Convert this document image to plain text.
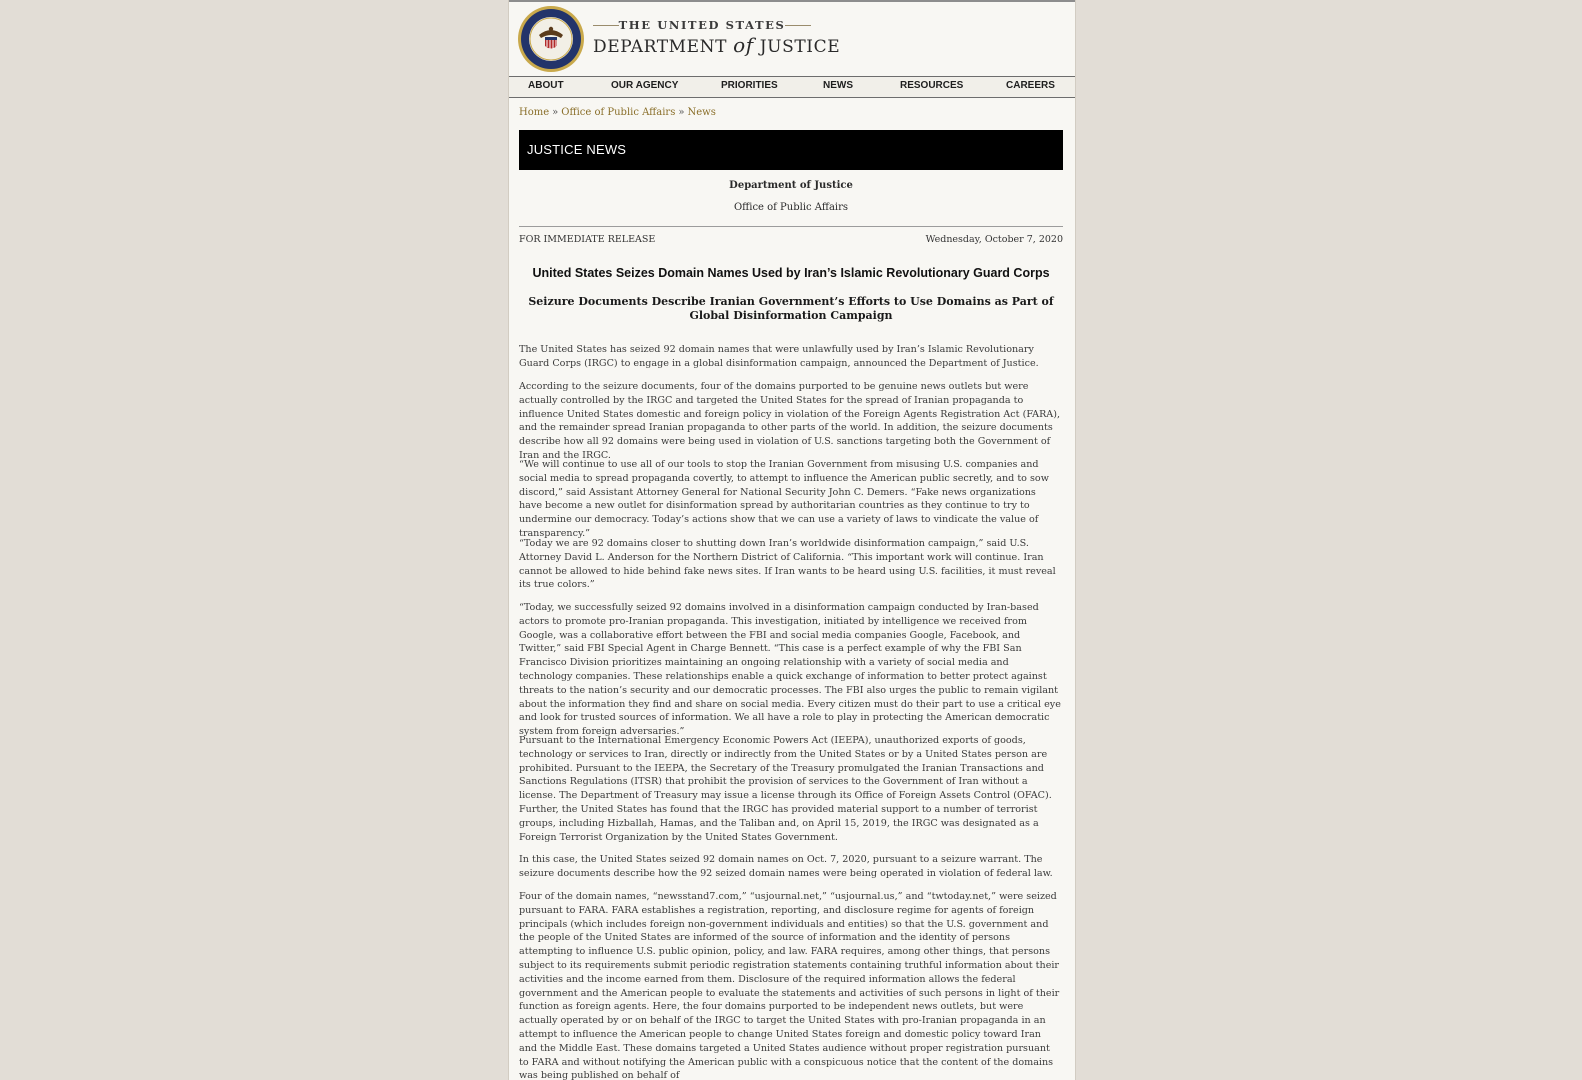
THE UNITED STATES
DEPARTMENT of JUSTICE
ABOUT	OUR AGENCY	PRIORITIES	NEWS	RESOURCES	CAREERS
Home » Office of Public Affairs » News
JUSTICE NEWS
Department of Justice
Office of Public Affairs
FOR IMMEDIATE RELEASE	Wednesday, October 7, 2020
United States Seizes Domain Names Used by Iran’s Islamic Revolutionary Guard Corps
Seizure Documents Describe Iranian Government’s Efforts to Use Domains as Part of Global Disinformation Campaign

The United States has seized 92 domain names that were unlawfully used by Iran’s Islamic Revolutionary Guard Corps (IRGC) to engage in a global disinformation campaign, announced the Department of Justice.

According to the seizure documents, four of the domains purported to be genuine news outlets but were actually controlled by the IRGC and targeted the United States for the spread of Iranian propaganda to influence United States domestic and foreign policy in violation of the Foreign Agents Registration Act (FARA), and the remainder spread Iranian propaganda to other parts of the world. In addition, the seizure documents describe how all 92 domains were being used in violation of U.S. sanctions targeting both the Government of Iran and the IRGC.

“We will continue to use all of our tools to stop the Iranian Government from misusing U.S. companies and social media to spread propaganda covertly, to attempt to influence the American public secretly, and to sow discord,” said Assistant Attorney General for National Security John C. Demers. “Fake news organizations have become a new outlet for disinformation spread by authoritarian countries as they continue to try to undermine our democracy. Today’s actions show that we can use a variety of laws to vindicate the value of transparency.”

“Today we are 92 domains closer to shutting down Iran’s worldwide disinformation campaign,” said U.S. Attorney David L. Anderson for the Northern District of California. “This important work will continue. Iran cannot be allowed to hide behind fake news sites. If Iran wants to be heard using U.S. facilities, it must reveal its true colors.”

“Today, we successfully seized 92 domains involved in a disinformation campaign conducted by Iran-based actors to promote pro-Iranian propaganda. This investigation, initiated by intelligence we received from Google, was a collaborative effort between the FBI and social media companies Google, Facebook, and Twitter,” said FBI Special Agent in Charge Bennett. “This case is a perfect example of why the FBI San Francisco Division prioritizes maintaining an ongoing relationship with a variety of social media and technology companies. These relationships enable a quick exchange of information to better protect against threats to the nation’s security and our democratic processes. The FBI also urges the public to remain vigilant about the information they find and share on social media. Every citizen must do their part to use a critical eye and look for trusted sources of information. We all have a role to play in protecting the American democratic system from foreign adversaries.”

Pursuant to the International Emergency Economic Powers Act (IEEPA), unauthorized exports of goods, technology or services to Iran, directly or indirectly from the United States or by a United States person are prohibited. Pursuant to the IEEPA, the Secretary of the Treasury promulgated the Iranian Transactions and Sanctions Regulations (ITSR) that prohibit the provision of services to the Government of Iran without a license. The Department of Treasury may issue a license through its Office of Foreign Assets Control (OFAC). Further, the United States has found that the IRGC has provided material support to a number of terrorist groups, including Hizballah, Hamas, and the Taliban and, on April 15, 2019, the IRGC was designated as a Foreign Terrorist Organization by the United States Government.

In this case, the United States seized 92 domain names on Oct. 7, 2020, pursuant to a seizure warrant. The seizure documents describe how the 92 seized domain names were being operated in violation of federal law.

Four of the domain names, “newsstand7.com,” “usjournal.net,” “usjournal.us,” and “twtoday.net,” were seized pursuant to FARA. FARA establishes a registration, reporting, and disclosure regime for agents of foreign principals (which includes foreign non-government individuals and entities) so that the U.S. government and the people of the United States are informed of the source of information and the identity of persons attempting to influence U.S. public opinion, policy, and law. FARA requires, among other things, that persons subject to its requirements submit periodic registration statements containing truthful information about their activities and the income earned from them. Disclosure of the required information allows the federal government and the American people to evaluate the statements and activities of such persons in light of their function as foreign agents. Here, the four domains purported to be independent news outlets, but were actually operated by or on behalf of the IRGC to target the United States with pro-Iranian propaganda in an attempt to influence the American people to change United States foreign and domestic policy toward Iran and the Middle East. These domains targeted a United States audience without proper registration pursuant to FARA and without notifying the American public with a conspicuous notice that the content of the domains was being published on behalf of
